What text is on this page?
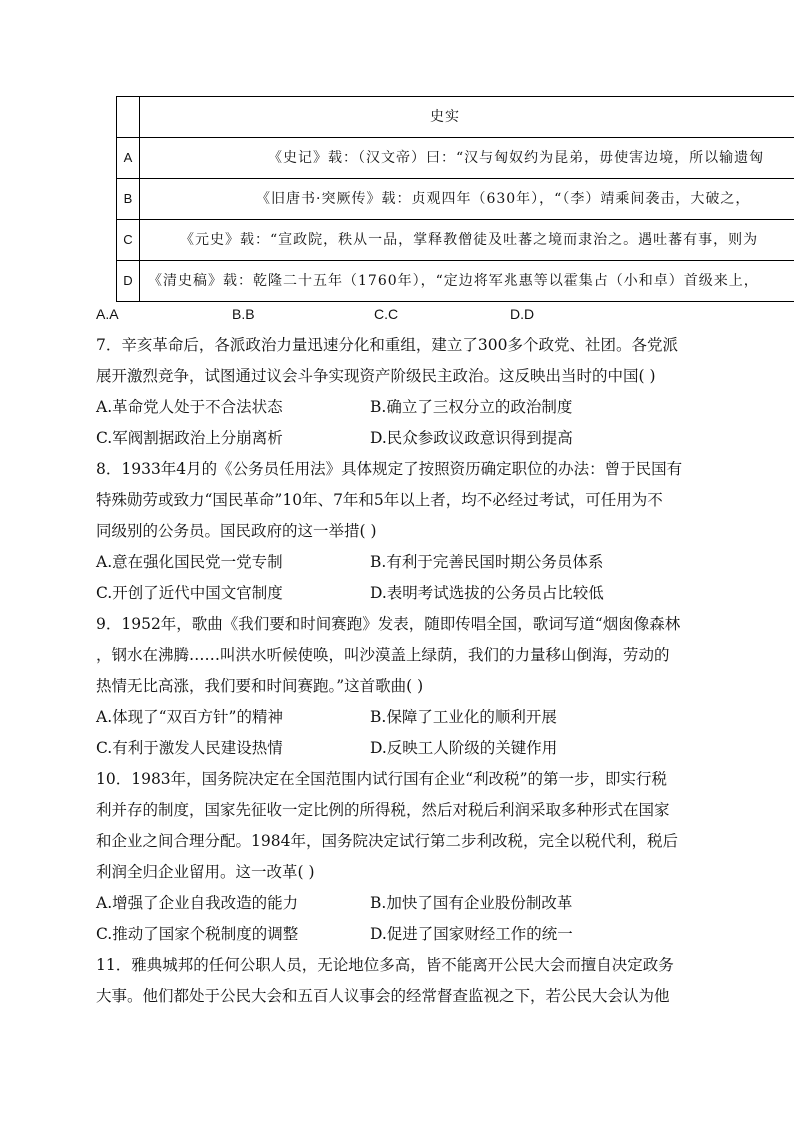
	史实
A	《史记》载：（汉文帝）曰：“汉与匈奴约为昆弟，毋使害边境，所以输遗匈
B	《旧唐书·突厥传》载：贞观四年（630年），“（李）靖乘间袭击，大破之，
C	《元史》载：“宣政院，秩从一品，掌释教僧徒及吐蕃之境而隶治之。遇吐蕃有事，则为
D	《清史稿》载：乾隆二十五年（1760年），“定边将军兆惠等以霍集占（小和卓）首级来上，
A.A	B.B	C.C	D.D

7．辛亥革命后，各派政治力量迅速分化和重组，建立了300多个政党、社团。各党派

展开激烈竞争，试图通过议会斗争实现资产阶级民主政治。这反映出当时的中国( )

A.革命党人处于不合法状态	B.确立了三权分立的政治制度
C.军阀割据政治上分崩离析	D.民众参政议政意识得到提高

8．1933年4月的《公务员任用法》具体规定了按照资历确定职位的办法：曾于民国有

特殊勋劳或致力“国民革命”10年、7年和5年以上者，均不必经过考试，可任用为不

同级别的公务员。国民政府的这一举措( )

A.意在强化国民党一党专制	B.有利于完善民国时期公务员体系
C.开创了近代中国文官制度	D.表明考试选拔的公务员占比较低

9．1952年，歌曲《我们要和时间赛跑》发表，随即传唱全国，歌词写道“烟囱像森林

，钢水在沸腾……叫洪水听候使唤，叫沙漠盖上绿荫，我们的力量移山倒海，劳动的

热情无比高涨，我们要和时间赛跑。”这首歌曲( )

A.体现了“双百方针”的精神	B.保障了工业化的顺利开展
C.有利于激发人民建设热情	D.反映工人阶级的关键作用

10．1983年，国务院决定在全国范围内试行国有企业“利改税”的第一步，即实行税

利并存的制度，国家先征收一定比例的所得税，然后对税后利润采取多种形式在国家

和企业之间合理分配。1984年，国务院决定试行第二步利改税，完全以税代利，税后

利润全归企业留用。这一改革( )

A.增强了企业自我改造的能力	B.加快了国有企业股份制改革
C.推动了国家个税制度的调整	D.促进了国家财经工作的统一

11．雅典城邦的任何公职人员，无论地位多高，皆不能离开公民大会而擅自决定政务

大事。他们都处于公民大会和五百人议事会的经常督查监视之下，若公民大会认为他
